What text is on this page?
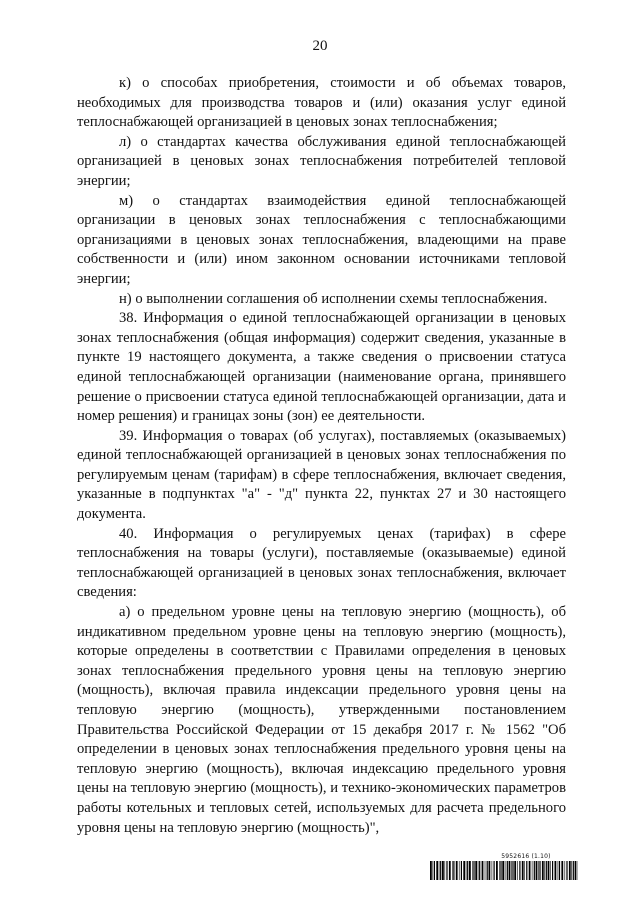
20

к) о способах приобретения, стоимости и об объемах товаров, необходимых для производства товаров и (или) оказания услуг единой теплоснабжающей организацией в ценовых зонах теплоснабжения;

л) о стандартах качества обслуживания единой теплоснабжающей организацией в ценовых зонах теплоснабжения потребителей тепловой энергии;

м) о стандартах взаимодействия единой теплоснабжающей организации в ценовых зонах теплоснабжения с теплоснабжающими организациями в ценовых зонах теплоснабжения, владеющими на праве собственности и (или) ином законном основании источниками тепловой энергии;

н) о выполнении соглашения об исполнении схемы теплоснабжения.

38. Информация о единой теплоснабжающей организации в ценовых зонах теплоснабжения (общая информация) содержит сведения, указанные в пункте 19 настоящего документа, а также сведения о присвоении статуса единой теплоснабжающей организации (наименование органа, принявшего решение о присвоении статуса единой теплоснабжающей организации, дата и номер решения) и границах зоны (зон) ее деятельности.

39. Информация о товарах (об услугах), поставляемых (оказываемых) единой теплоснабжающей организацией в ценовых зонах теплоснабжения по регулируемым ценам (тарифам) в сфере теплоснабжения, включает сведения, указанные в подпунктах "а" - "д" пункта 22, пунктах 27 и 30 настоящего документа.

40. Информация о регулируемых ценах (тарифах) в сфере теплоснабжения на товары (услуги), поставляемые (оказываемые) единой теплоснабжающей организацией в ценовых зонах теплоснабжения, включает сведения:

а) о предельном уровне цены на тепловую энергию (мощность), об индикативном предельном уровне цены на тепловую энергию (мощность), которые определены в соответствии с Правилами определения в ценовых зонах теплоснабжения предельного уровня цены на тепловую энергию (мощность), включая правила индексации предельного уровня цены на тепловую энергию (мощность), утвержденными постановлением Правительства Российской Федерации от 15 декабря 2017 г. № 1562 "Об определении в ценовых зонах теплоснабжения предельного уровня цены на тепловую энергию (мощность), включая индексацию предельного уровня цены на тепловую энергию (мощность), и технико-экономических параметров работы котельных и тепловых сетей, используемых для расчета предельного уровня цены на тепловую энергию (мощность)",

5952616 (1.10)
